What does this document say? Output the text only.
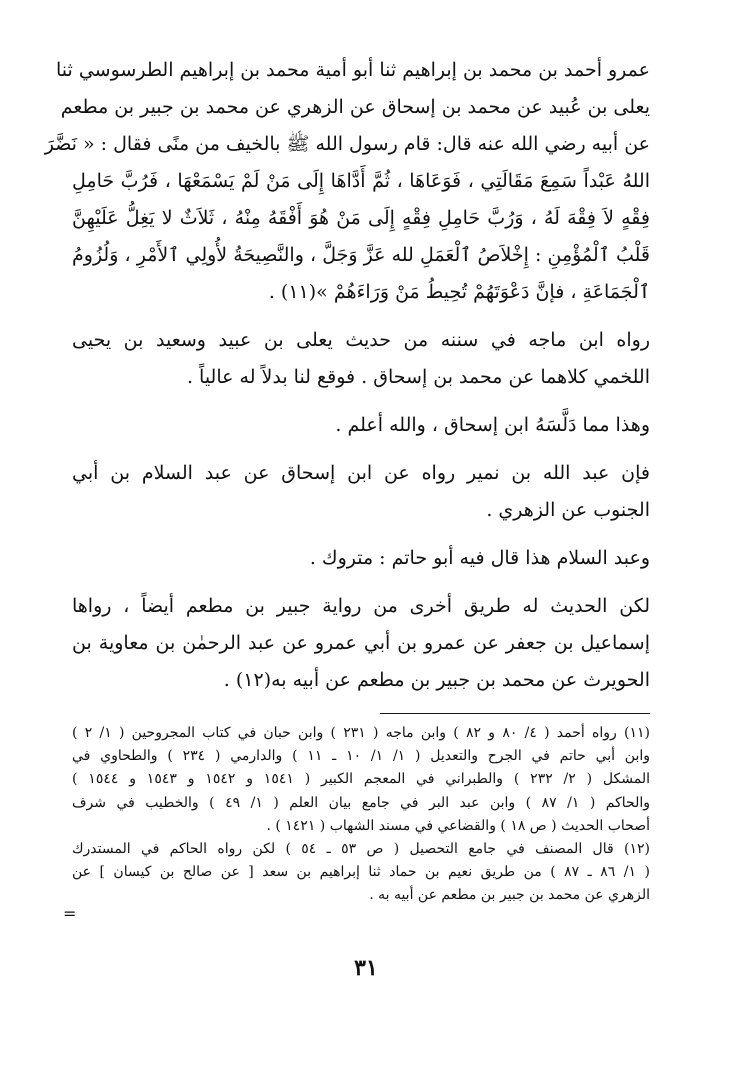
عمرو أحمد بن محمد بن إبراهيم ثنا أبو أمية محمد بن إبراهيم الطرسوسي ثنا
يعلى بن عُبيد عن محمد بن إسحاق عن الزهري عن محمد بن جبير بن مطعم
عن أبيه رضي الله عنه قال: قام رسول الله ﷺ بالخيف من منًى فقال : « نَضَّرَ
اللهُ عَبْداً سَمِعَ مَقَالَتِي ، فَوَعَاهَا ، ثُمَّ أَدَّاهَا إِلَى مَنْ لَمْ يَسْمَعْهَا ، فَرُبَّ حَامِلِ
فِقْهٍ لاَ فِقْهَ لَهُ ، وَرُبَّ حَامِلِ فِقْهٍ إِلَى مَنْ هُوَ أَفْقَهُ مِنْهُ ، ثَلاَثٌ لا يَغِلُّ عَلَيْهِنَّ
قَلْبُ ٱلْمُؤْمِنِ : إِخْلاَصُ ٱلْعَمَلِ لله عَزَّ وَجَلَّ ، والنَّصِيحَةُ لأُولِي ٱلأَمْرِ ، وَلُزُومُ
ٱلْجَمَاعَةِ ، فإنَّ دَعْوَتَهُمْ تُحِيطُ مَنْ وَرَاءَهُمْ »(١١) .
رواه ابن ماجه في سننه من حديث يعلى بن عبيد وسعيد بن يحيى
اللخمي كلاهما عن محمد بن إسحاق . فوقع لنا بدلاً له عالياً .
وهذا مما دَلَّسَهُ ابن إسحاق ، والله أعلم .
فإن عبد الله بن نمير رواه عن ابن إسحاق عن عبد السلام بن أبي
الجنوب عن الزهري .
وعبد السلام هذا قال فيه أبو حاتم : متروك .
لكن الحديث له طريق أخرى من رواية جبير بن مطعم أيضاً ، رواها
إسماعيل بن جعفر عن عمرو بن أبي عمرو عن عبد الرحمٰن بن معاوية بن
الحويرث عن محمد بن جبير بن مطعم عن أبيه به(١٢) .
(١١) رواه أحمد ( ٤/ ٨٠ و ٨٢ ) وابن ماجه ( ٢٣١ ) وابن حبان في كتاب المجروحين ( ١/ ٢ )
وابن أبي حاتم في الجرح والتعديل ( ١/ ١/ ١٠ ـ ١١ ) والدارمي ( ٢٣٤ ) والطحاوي في
المشكل ( ٢/ ٢٣٢ ) والطبراني في المعجم الكبير ( ١٥٤١ و ١٥٤٢ و ١٥٤٣ و ١٥٤٤ )
والحاكم ( ١/ ٨٧ ) وابن عبد البر في جامع بيان العلم ( ١/ ٤٩ ) والخطيب في شرف
أصحاب الحديث ( ص ١٨ ) والقضاعي في مسند الشهاب ( ١٤٢١ ) .
(١٢) قال المصنف في جامع التحصيل ( ص ٥٣ ـ ٥٤ ) لكن رواه الحاكم في المستدرك
( ١/ ٨٦ ـ ٨٧ ) من طريق نعيم بن حماد ثنا إبراهيم بن سعد [ عن صالح بن كيسان ] عن
الزهري عن محمد بن جبير بن مطعم عن أبيه به .
=
٣١
